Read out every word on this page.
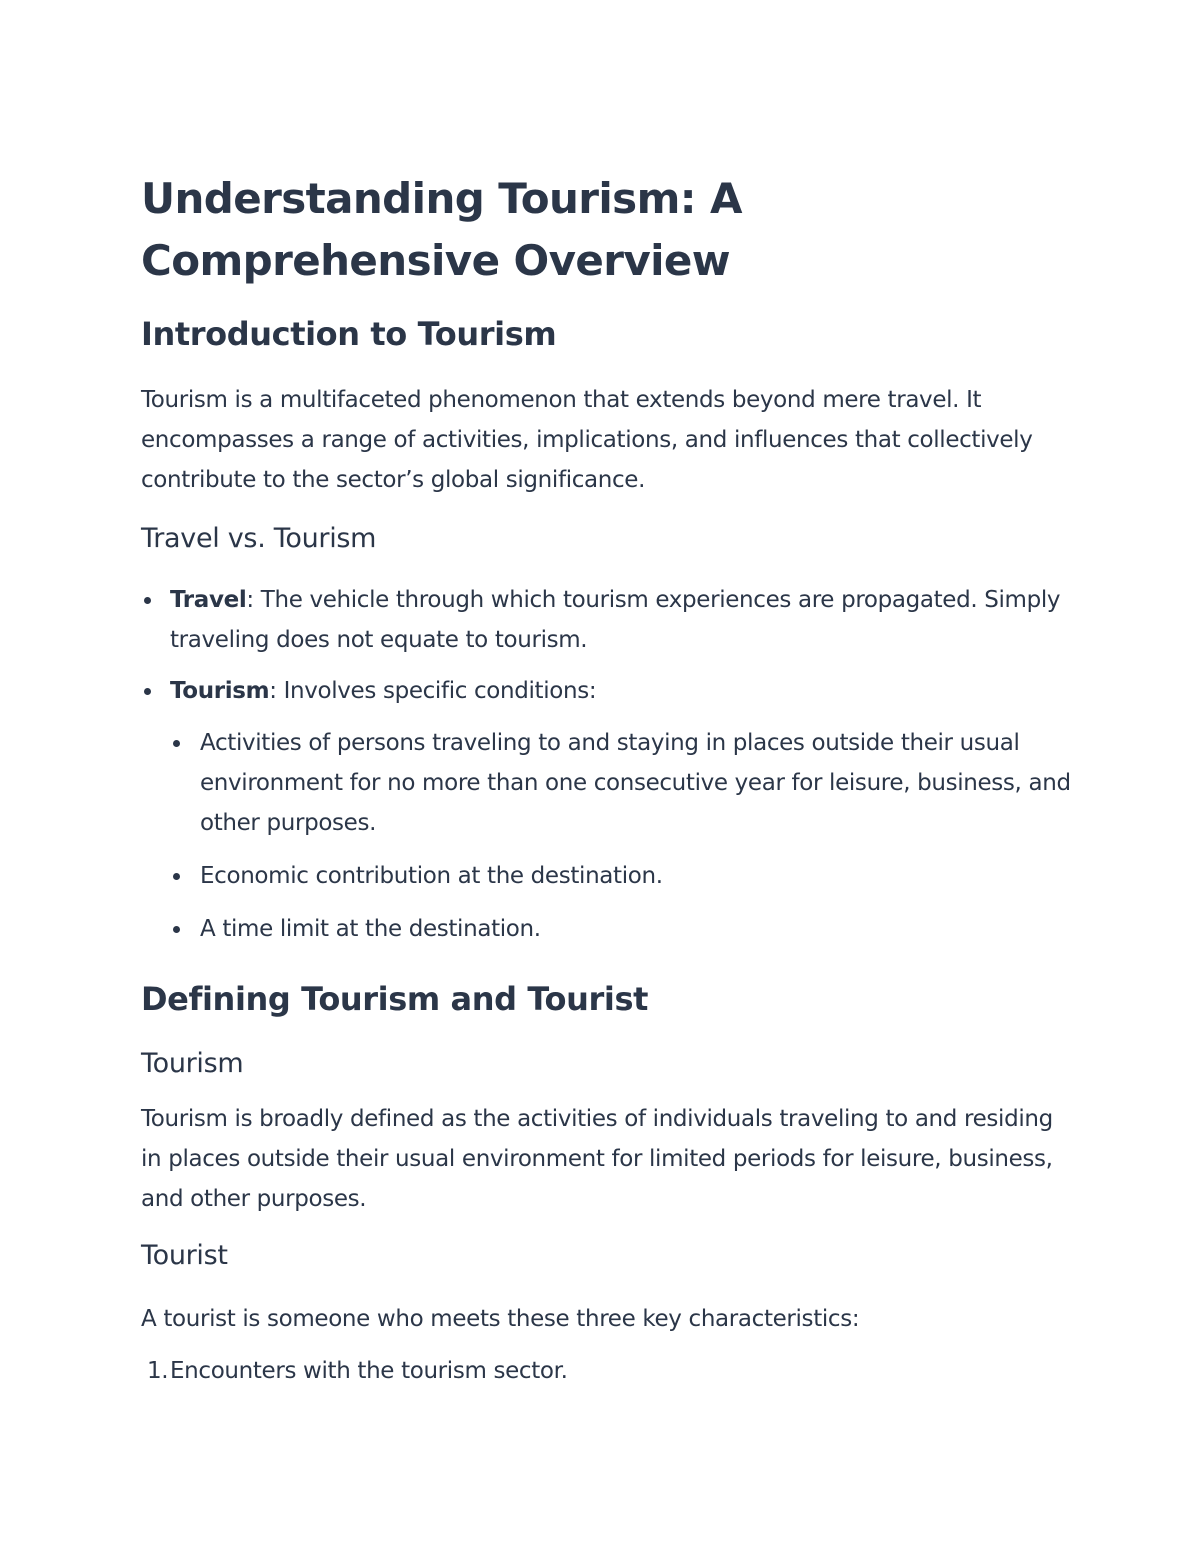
Understanding Tourism: A Comprehensive Overview
Introduction to Tourism

Tourism is a multifaceted phenomenon that extends beyond mere travel. It encompasses a range of activities, implications, and influences that collectively contribute to the sector’s global significance.

Travel vs. Tourism
Travel: The vehicle through which tourism experiences are propagated. Simply traveling does not equate to tourism.
Tourism: Involves specific conditions:
Activities of persons traveling to and staying in places outside their usual environment for no more than one consecutive year for leisure, business, and other purposes.
Economic contribution at the destination.
A time limit at the destination.
Defining Tourism and Tourist
Tourism

Tourism is broadly defined as the activities of individuals traveling to and residing in places outside their usual environment for limited periods for leisure, business, and other purposes.

Tourist

A tourist is someone who meets these three key characteristics:

1. Encounters with the tourism sector.
